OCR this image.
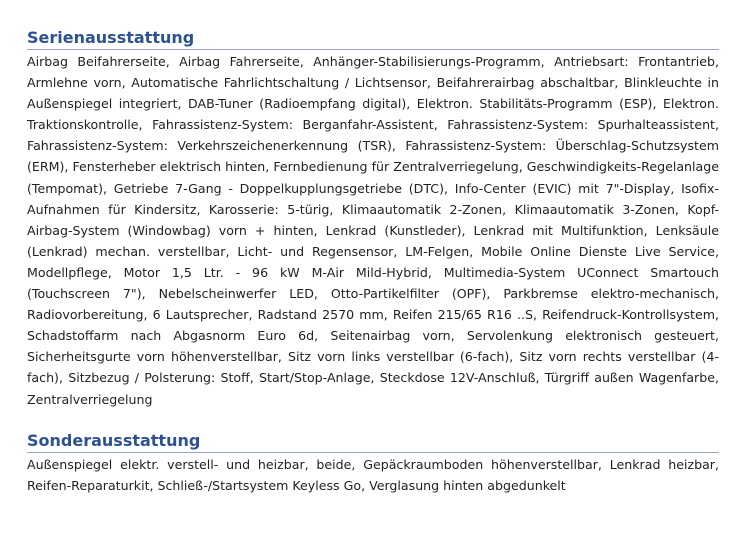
Serienausstattung

Airbag Beifahrerseite, Airbag Fahrerseite, Anhänger-Stabilisierungs-Programm, Antriebsart: Frontantrieb, Armlehne vorn, Automatische Fahrlichtschaltung / Lichtsensor, Beifahrerairbag abschaltbar, Blinkleuchte in Außenspiegel integriert, DAB-Tuner (Radioempfang digital), Elektron. Stabilitäts-Programm (ESP), Elektron. Traktionskontrolle, Fahrassistenz-System: Berganfahr-Assistent, Fahrassistenz-System: Spurhalteassistent, Fahrassistenz-System: Verkehrszeichenerkennung (TSR), Fahrassistenz-System: Überschlag-Schutzsystem (ERM), Fensterheber elektrisch hinten, Fernbedienung für Zentralverriegelung, Geschwindigkeits-Regelanlage (Tempomat), Getriebe 7-Gang - Doppelkupplungsgetriebe (DTC), Info-Center (EVIC) mit 7"-Display, Isofix-Aufnahmen für Kindersitz, Karosserie: 5-türig, Klimaautomatik 2-Zonen, Klimaautomatik 3-Zonen, Kopf-Airbag-System (Windowbag) vorn + hinten, Lenkrad (Kunstleder), Lenkrad mit Multifunktion, Lenksäule (Lenkrad) mechan. verstellbar, Licht- und Regensensor, LM-Felgen, Mobile Online Dienste Live Service, Modellpflege, Motor 1,5 Ltr. - 96 kW M-Air Mild-Hybrid, Multimedia-System UConnect Smartouch (Touchscreen 7"), Nebelscheinwerfer LED, Otto-Partikelfilter (OPF), Parkbremse elektro-mechanisch, Radiovorbereitung, 6 Lautsprecher, Radstand 2570 mm, Reifen 215/65 R16 ..S, Reifendruck-Kontrollsystem, Schadstoffarm nach Abgasnorm Euro 6d, Seitenairbag vorn, Servolenkung elektronisch gesteuert, Sicherheitsgurte vorn höhenverstellbar, Sitz vorn links verstellbar (6-fach), Sitz vorn rechts verstellbar (4-fach), Sitzbezug / Polsterung: Stoff, Start/Stop-Anlage, Steckdose 12V-Anschluß, Türgriff außen Wagenfarbe, Zentralverriegelung

Sonderausstattung

Außenspiegel elektr. verstell- und heizbar, beide, Gepäckraumboden höhenverstellbar, Lenkrad heizbar, Reifen-Reparaturkit, Schließ-/Startsystem Keyless Go, Verglasung hinten abgedunkelt
